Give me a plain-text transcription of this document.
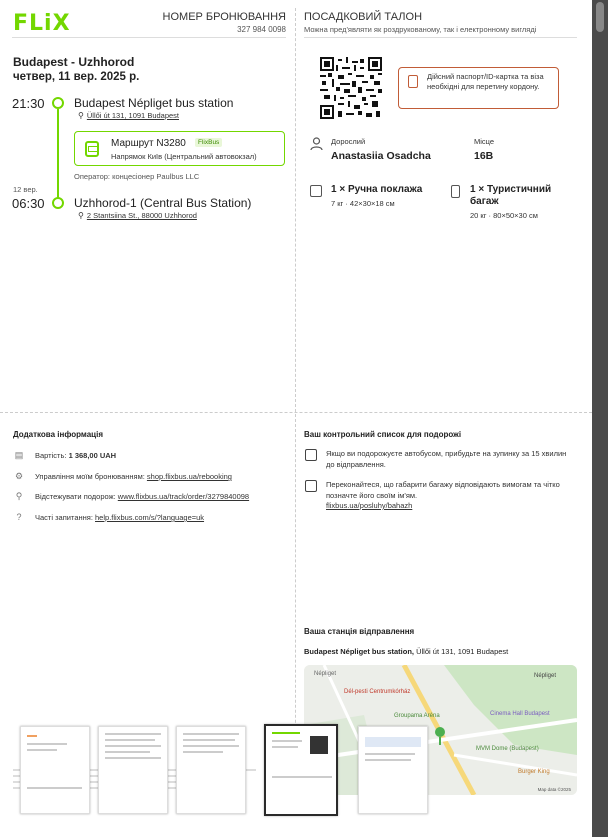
FLiX	НОМЕР БРОНЮВАННЯ
327 984 0098
ПОСАДКОВИЙ ТАЛОН
Можна пред'являти як роздрукованому, так і електронному вигляді
Budapest - Uzhhorod
четвер, 11 вер. 2025 р.
21:30 Budapest Népliget bus station
⚲ Üllői út 131, 1091 Budapest
Маршрут N3280	FlixBus
Напрямок Київ (Центральний автовокзал)
Оператор: концесіонер Paulbus LLC
12 вер.
06:30 Uzhhorod-1 (Central Bus Station)
⚲ 2 Stantsiina St., 88000 Uzhhorod
Дійсний паспорт/ID-картка та віза необхідні для перетину кордону.
Дорослий
Anastasiia Osadcha
Місце
16B
1 × Ручна поклажа
7 кг · 42×30×18 см
1 × Туристичний багаж
20 кг · 80×50×30 см
Додаткова інформація
▤ Вартість: 1 368,00 UAH
⚙ Управління моїм бронюванням: shop.flixbus.ua/rebooking
⚲ Відстежувати подорож: www.flixbus.ua/track/order/3279840098
? Часті запитання: help.flixbus.com/s/?language=uk
Ваш контрольний список для подорожі
Якщо ви подорожуєте автобусом, прибудьте на зупинку за 15 хвилин до відправлення.
Переконайтеся, що габарити багажу відповідають вимогам та чітко позначте його своїм ім'ям.
flixbus.ua/posluhy/bahazh
Ваша станція відправлення
Budapest Népliget bus station, Üllői út 131, 1091 Budapest
Népliget
Dél-pesti Centrumkórház
Groupama Aréna	Cinema Hall Budapest
MVM Dome (Budapest)
Burger King
Népliget
Map data ©2025
